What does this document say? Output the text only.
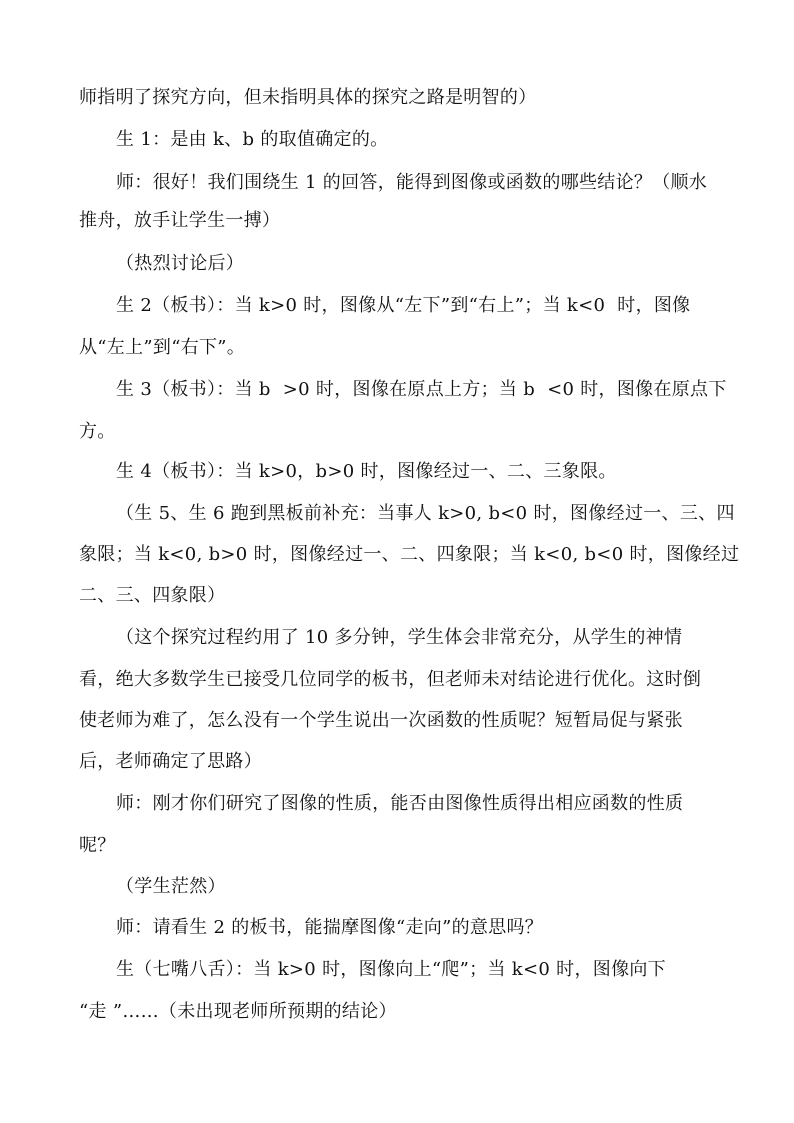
师指明了探究方向，但未指明具体的探究之路是明智的）
生 1：是由 k、b 的取值确定的。
师：很好！我们围绕生 1 的回答，能得到图像或函数的哪些结论？（顺水
推舟，放手让学生一搏）
（热烈讨论后）
生 2（板书）：当 k>0 时，图像从“左下”到“右上”；当 k<0  时，图像
从“左上”到“右下”。
生 3（板书）：当 b  >0 时，图像在原点上方；当 b  <0 时，图像在原点下
方。
生 4（板书）：当 k>0，b>0 时，图像经过一、二、三象限。
（生 5、生 6 跑到黑板前补充：当事人 k>0, b<0 时，图像经过一、三、四
象限；当 k<0, b>0 时，图像经过一、二、四象限；当 k<0, b<0 时，图像经过
二、三、四象限）
（这个探究过程约用了 10 多分钟，学生体会非常充分，从学生的神情
看，绝大多数学生已接受几位同学的板书，但老师未对结论进行优化。这时倒
使老师为难了，怎么没有一个学生说出一次函数的性质呢？短暂局促与紧张
后，老师确定了思路）
师：刚才你们研究了图像的性质，能否由图像性质得出相应函数的性质
呢？
（学生茫然）
师：请看生 2 的板书，能揣摩图像“走向”的意思吗？
生（七嘴八舌）：当 k>0 时，图像向上“爬”；当 k<0 时，图像向下
“走 ”……（未出现老师所预期的结论）
